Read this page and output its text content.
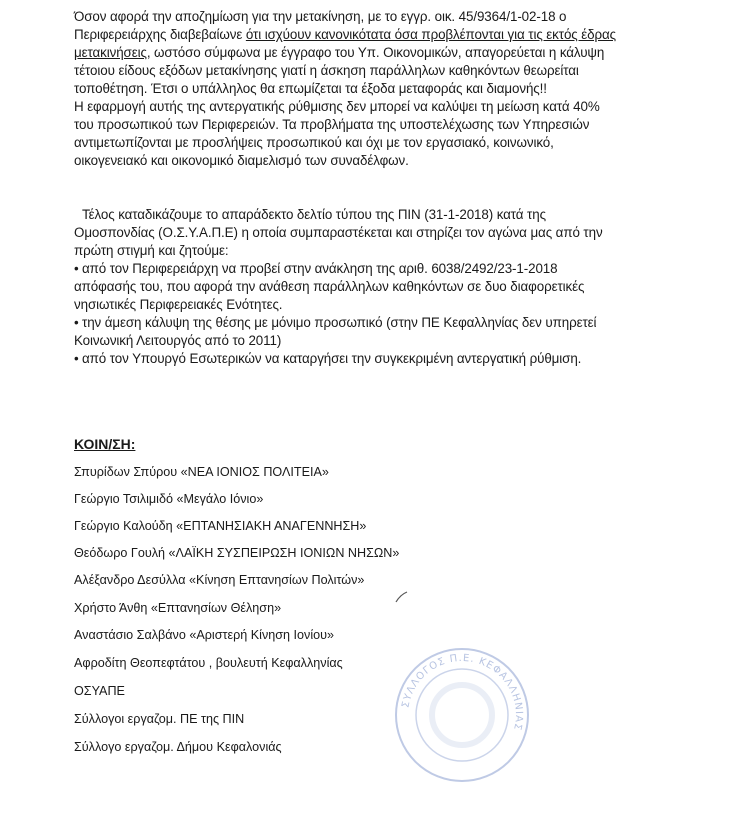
Όσον αφορά την αποζημίωση για την μετακίνηση, με το εγγρ. οικ. 45/9364/1-02-18 ο
Περιφερειάρχης διαβεβαίωνε ότι ισχύουν κανονικότατα όσα προβλέπονται για τις εκτός έδρας
μετακινήσεις, ωστόσο σύμφωνα με έγγραφο του Υπ. Οικονομικών, απαγορεύεται η κάλυψη
τέτοιου είδους εξόδων μετακίνησης γιατί η άσκηση παράλληλων καθηκόντων θεωρείται
τοποθέτηση. Έτσι ο υπάλληλος θα επωμίζεται τα έξοδα μεταφοράς και διαμονής!!
Η εφαρμογή αυτής της αντεργατικής ρύθμισης δεν μπορεί να καλύψει τη μείωση κατά 40%
του προσωπικού των Περιφερειών. Τα προβλήματα της υποστελέχωσης των Υπηρεσιών
αντιμετωπίζονται με προσλήψεις προσωπικού και όχι με τον εργασιακό, κοινωνικό,
οικογενειακό και οικονομικό διαμελισμό των συναδέλφων.
Τέλος καταδικάζουμε το απαράδεκτο δελτίο τύπου της ΠΙΝ (31-1-2018) κατά της
Ομοσπονδίας (Ο.Σ.Υ.Α.Π.Ε) η οποία συμπαραστέκεται και στηρίζει τον αγώνα μας από την
πρώτη στιγμή και ζητούμε:
• από τον Περιφερειάρχη να προβεί στην ανάκληση της αριθ. 6038/2492/23-1-2018
απόφασής του, που αφορά την ανάθεση παράλληλων καθηκόντων σε δυο διαφορετικές
νησιωτικές Περιφερειακές Ενότητες.
• την άμεση κάλυψη της θέσης με μόνιμο προσωπικό (στην ΠΕ Κεφαλληνίας δεν υπηρετεί
Κοινωνική Λειτουργός από το 2011)
• από τον Υπουργό Εσωτερικών να καταργήσει την συγκεκριμένη αντεργατική ρύθμιση.
ΚΟΙΝ/ΣΗ:
Σπυρίδων Σπύρου «ΝΕΑ ΙΟΝΙΟΣ ΠΟΛΙΤΕΙΑ»
Γεώργιο Τσιλιμιδό «Μεγάλο Ιόνιο»
Γεώργιο Καλούδη «ΕΠΤΑΝΗΣΙΑΚΗ ΑΝΑΓΕΝΝΗΣΗ»
Θεόδωρο Γουλή «ΛΑΪΚΗ ΣΥΣΠΕΙΡΩΣΗ ΙΟΝΙΩΝ ΝΗΣΩΝ»
Αλέξανδρο Δεσύλλα «Κίνηση Επτανησίων Πολιτών»
Χρήστο Άνθη «Επτανησίων Θέληση»
Αναστάσιο Σαλβάνο «Αριστερή Κίνηση Ιονίου»
Αφροδίτη Θεοπεφτάτου , βουλευτή Κεφαλληνίας
ΟΣΥΑΠΕ
Σύλλογοι εργαζομ. ΠΕ της ΠΙΝ
Σύλλογο εργαζομ. Δήμου Κεφαλονιάς
ΣΥΛΛΟΓΟΣ Π.Ε. ΚΕΦΑΛΛΗΝΙΑΣ
